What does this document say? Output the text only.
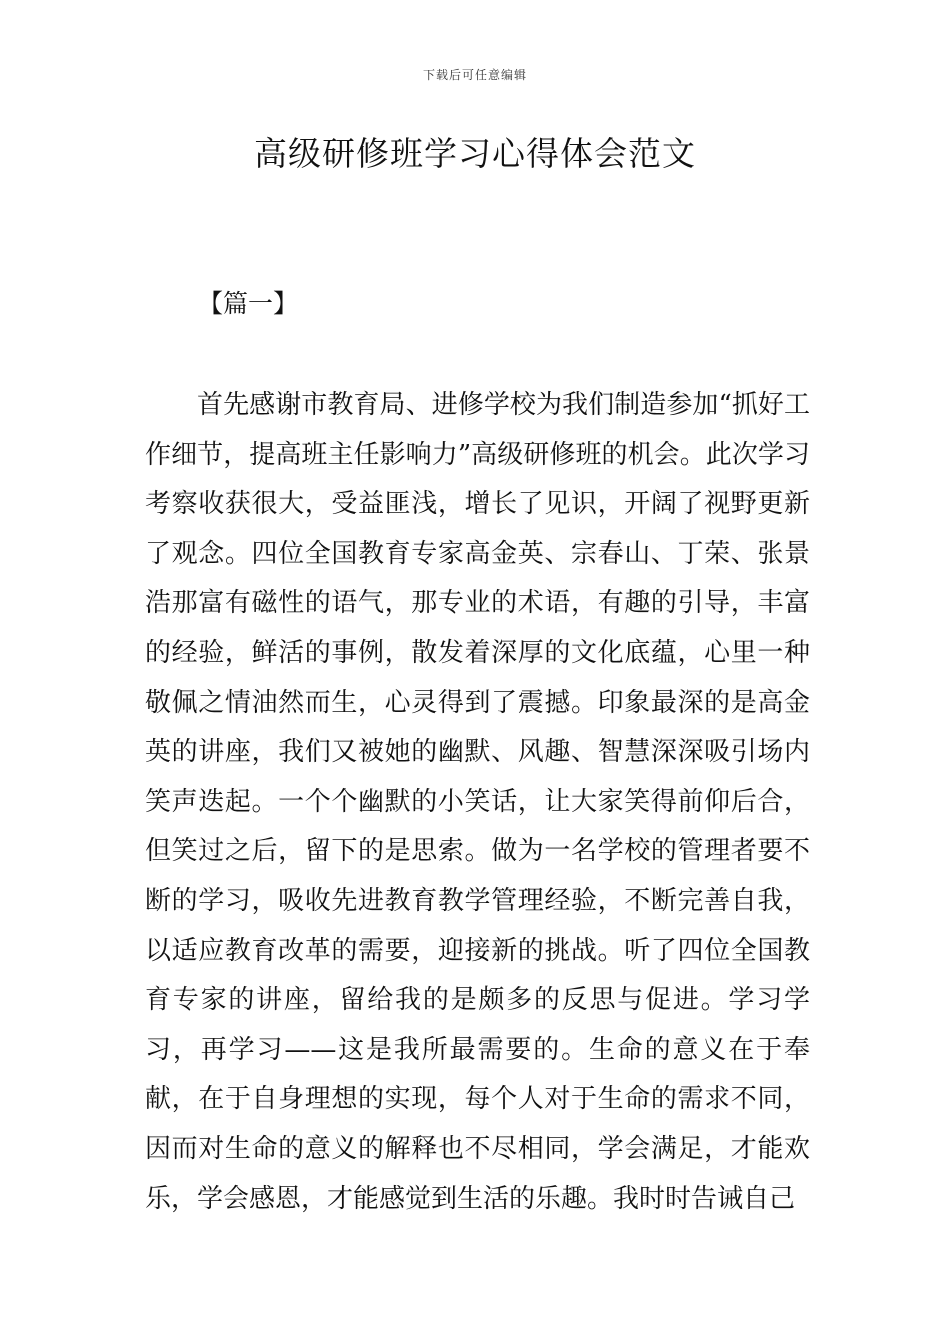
下载后可任意编辑
高级研修班学习心得体会范文
【篇一】

首先感谢市教育局、进修学校为我们制造参加“抓好工作细节，提高班主任影响力”高级研修班的机会。此次学习考察收获很大，受益匪浅，增长了见识，开阔了视野更新了观念。四位全国教育专家高金英、宗春山、丁荣、张景浩那富有磁性的语气，那专业的术语，有趣的引导，丰富的经验，鲜活的事例，散发着深厚的文化底蕴，心里一种敬佩之情油然而生，心灵得到了震撼。印象最深的是高金英的讲座，我们又被她的幽默、风趣、智慧深深吸引场内笑声迭起。一个个幽默的小笑话，让大家笑得前仰后合，但笑过之后，留下的是思索。做为一名学校的管理者要不断的学习，吸收先进教育教学管理经验，不断完善自我，以适应教育改革的需要，迎接新的挑战。听了四位全国教育专家的讲座，留给我的是颇多的反思与促进。学习学习，再学习——这是我所最需要的。生命的意义在于奉献，在于自身理想的实现，每个人对于生命的需求不同，因而对生命的意义的解释也不尽相同，学会满足，才能欢乐，学会感恩，才能感觉到生活的乐趣。我时时告诫自己
